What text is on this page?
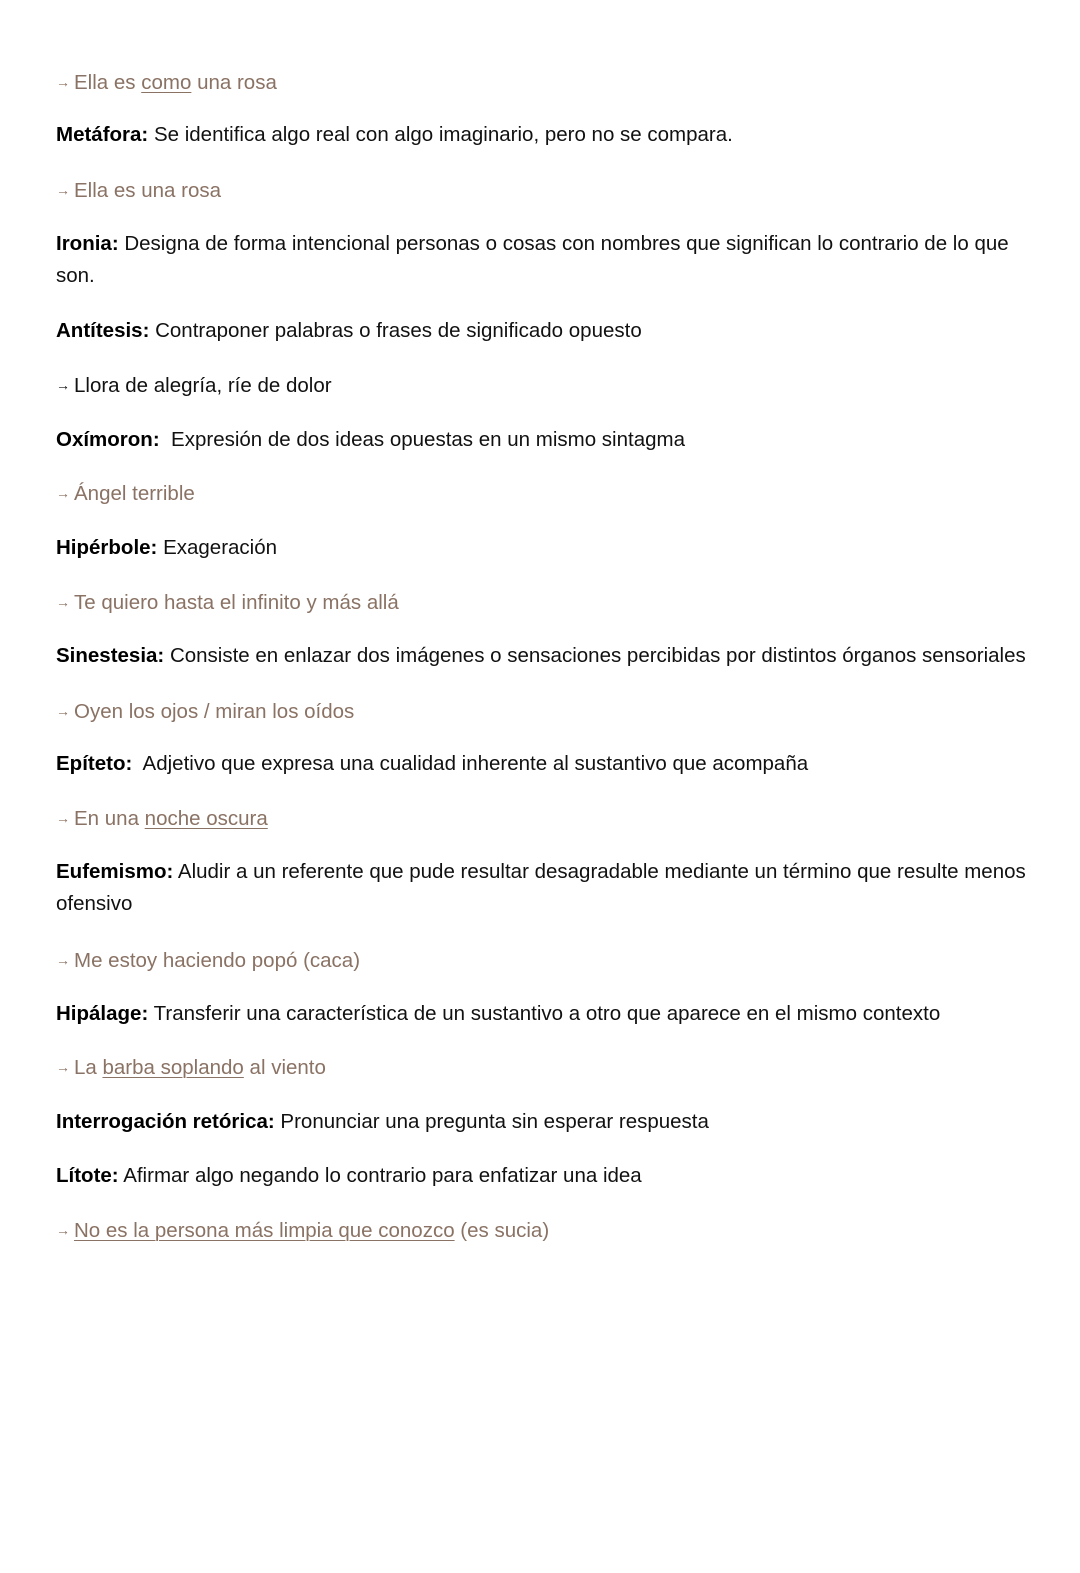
→ Ella es como una rosa
Metáfora: Se identifica algo real con algo imaginario, pero no se compara.
→ Ella es una rosa
Ironia: Designa de forma intencional personas o cosas con nombres que significan lo contrario de lo que son.
Antítesis: Contraponer palabras o frases de significado opuesto
→ Llora de alegría, ríe de dolor
Oxímoron:  Expresión de dos ideas opuestas en un mismo sintagma
→ Ángel terrible
Hipérbole: Exageración
→ Te quiero hasta el infinito y más allá
Sinestesia: Consiste en enlazar dos imágenes o sensaciones percibidas por distintos órganos sensoriales
→ Oyen los ojos / miran los oídos
Epíteto:  Adjetivo que expresa una cualidad inherente al sustantivo que acompaña
→ En una noche oscura
Eufemismo: Aludir a un referente que pude resultar desagradable mediante un término que resulte menos ofensivo
→ Me estoy haciendo popó (caca)
Hipálage: Transferir una característica de un sustantivo a otro que aparece en el mismo contexto
→ La barba soplando al viento
Interrogación retórica: Pronunciar una pregunta sin esperar respuesta
Lítote: Afirmar algo negando lo contrario para enfatizar una idea
→ No es la persona más limpia que conozco (es sucia)
